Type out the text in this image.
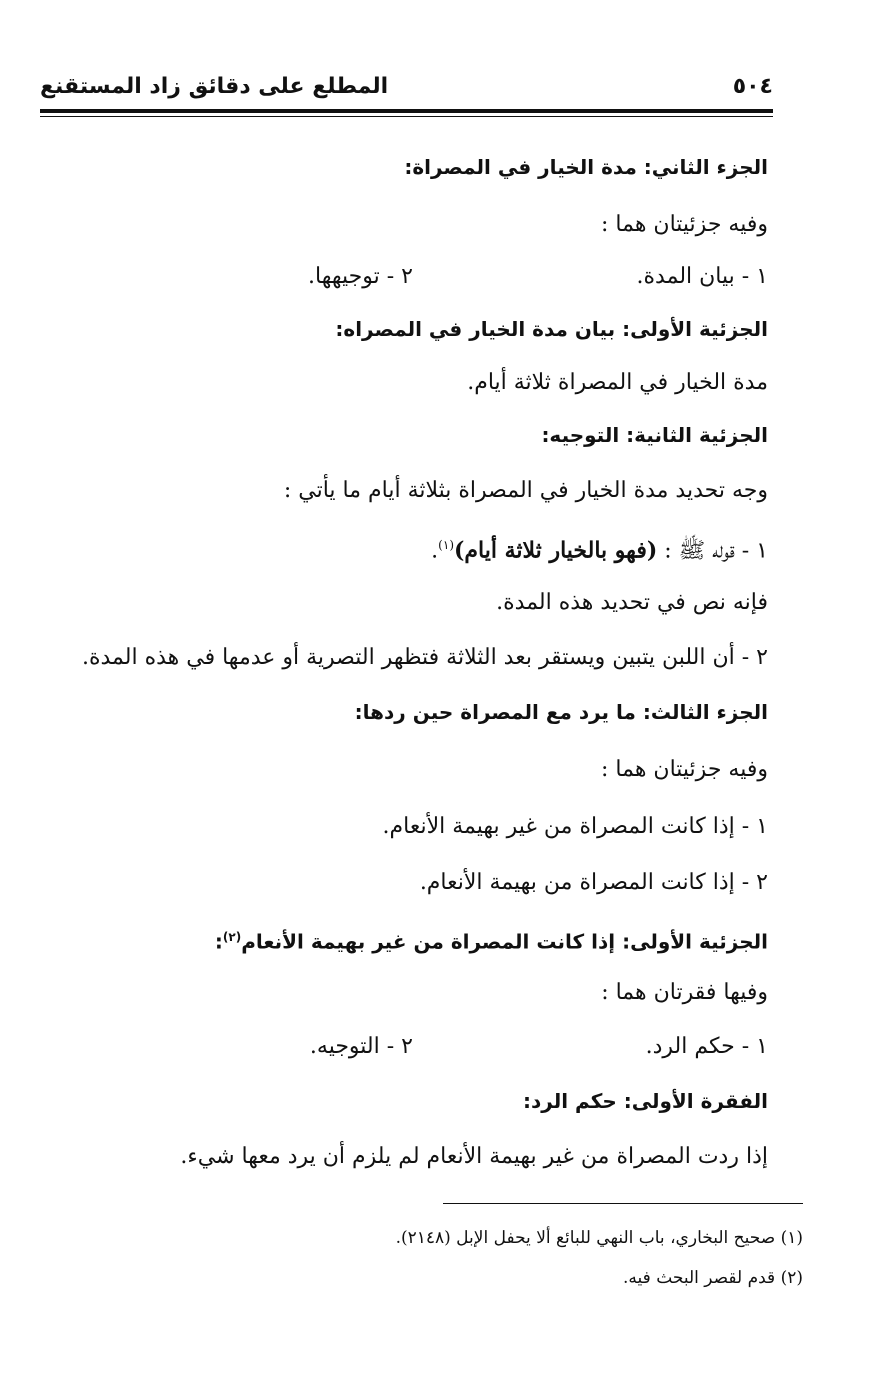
٥٠٤
المطلع على دقائق زاد المستقنع
الجزء الثاني: مدة الخيار في المصراة:
وفيه جزئيتان هما :
١ - بيان المدة.
٢ - توجيهها.
الجزئية الأولى: بيان مدة الخيار في المصراه:
مدة الخيار في المصراة ثلاثة أيام.
الجزئية الثانية: التوجيه:
وجه تحديد مدة الخيار في المصراة بثلاثة أيام ما يأتي :
١ - قوله ﷺ : (فهو بالخيار ثلاثة أيام)$^{(١)}$.
فإنه نص في تحديد هذه المدة.
٢ - أن اللبن يتبين ويستقر بعد الثلاثة فتظهر التصرية أو عدمها في هذه المدة.
الجزء الثالث: ما يرد مع المصراة حين ردها:
وفيه جزئيتان هما :
١ - إذا كانت المصراة من غير بهيمة الأنعام.
٢ - إذا كانت المصراة من بهيمة الأنعام.
الجزئية الأولى: إذا كانت المصراة من غير بهيمة الأنعام$^{(٢)}$:
وفيها فقرتان هما :
١ - حكم الرد.
٢ - التوجيه.
الفقرة الأولى: حكم الرد:
إذا ردت المصراة من غير بهيمة الأنعام لم يلزم أن يرد معها شيء.
(١) صحيح البخاري، باب النهي للبائع ألا يحفل الإبل (٢١٤٨).
(٢) قدم لقصر البحث فيه.
